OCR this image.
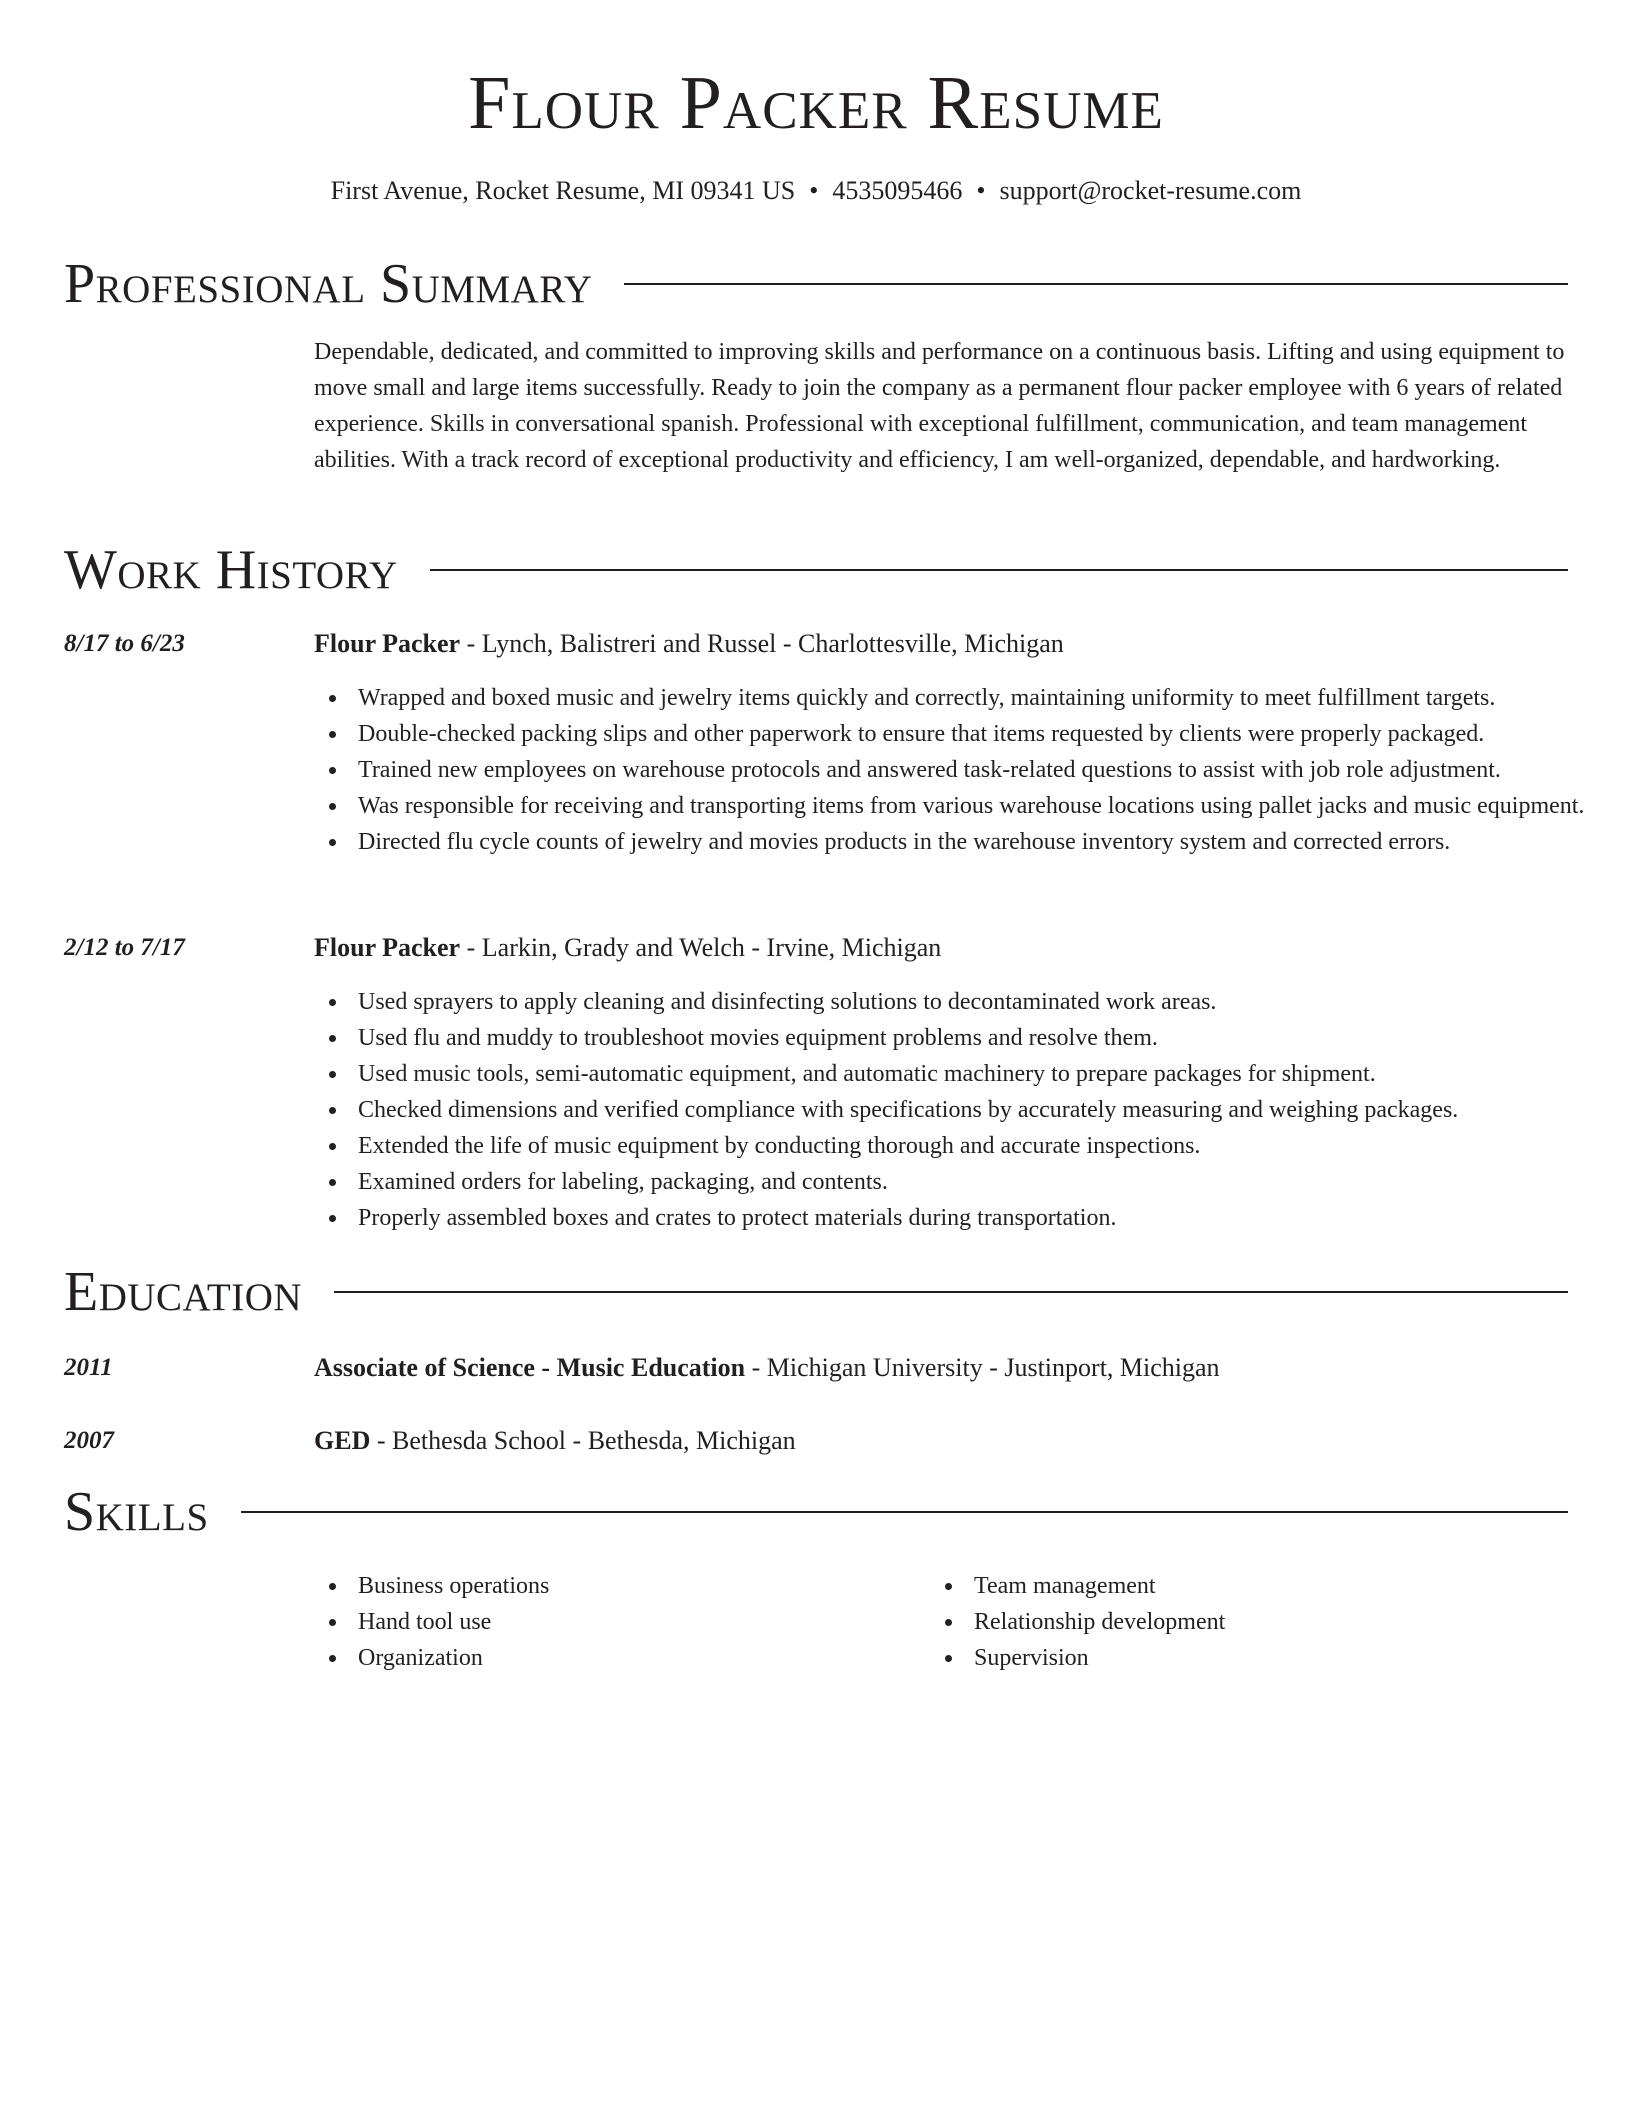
Flour Packer Resume
First Avenue, Rocket Resume, MI 09341 US • 4535095466 • support@rocket-resume.com
Professional Summary
Dependable, dedicated, and committed to improving skills and performance on a continuous basis. Lifting and using equipment to move small and large items successfully. Ready to join the company as a permanent flour packer employee with 6 years of related experience. Skills in conversational spanish. Professional with exceptional fulfillment, communication, and team management abilities. With a track record of exceptional productivity and efficiency, I am well-organized, dependable, and hardworking.
Work History
8/17 to 6/23	Flour Packer - Lynch, Balistreri and Russel - Charlottesville, Michigan
Wrapped and boxed music and jewelry items quickly and correctly, maintaining uniformity to meet fulfillment targets.
Double-checked packing slips and other paperwork to ensure that items requested by clients were properly packaged.
Trained new employees on warehouse protocols and answered task-related questions to assist with job role adjustment.
Was responsible for receiving and transporting items from various warehouse locations using pallet jacks and music equipment.
Directed flu cycle counts of jewelry and movies products in the warehouse inventory system and corrected errors.
2/12 to 7/17	Flour Packer - Larkin, Grady and Welch - Irvine, Michigan
Used sprayers to apply cleaning and disinfecting solutions to decontaminated work areas.
Used flu and muddy to troubleshoot movies equipment problems and resolve them.
Used music tools, semi-automatic equipment, and automatic machinery to prepare packages for shipment.
Checked dimensions and verified compliance with specifications by accurately measuring and weighing packages.
Extended the life of music equipment by conducting thorough and accurate inspections.
Examined orders for labeling, packaging, and contents.
Properly assembled boxes and crates to protect materials during transportation.
Education
2011	Associate of Science - Music Education - Michigan University - Justinport, Michigan
2007	GED - Bethesda School - Bethesda, Michigan
Skills
Business operations
Hand tool use
Organization
Team management
Relationship development
Supervision
